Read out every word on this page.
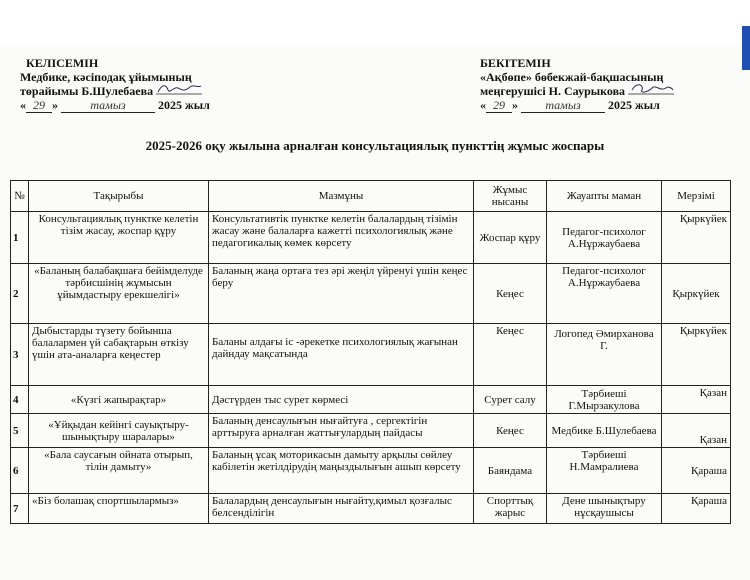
КЕЛІСЕМІН
Медбике, кәсіподақ ұйымының
төрайымы Б.Шулебаева
« 29 » тамыз	2025 жыл
БЕКІТЕМІН
«Ақбөпе» бөбекжай-бақшасының
меңгерушісі Н. Саурыкова
« 29 » тамыз 2025 жыл
2025-2026 оқу жылына арналған консультациялық пункттің жұмыс жоспары
№	Тақырыбы	Мазмұны	Жұмыс нысаны	Жауапты маман	Мерзімі
1	Консультациялық пунктке келетін тізім жасау, жоспар құру	Консультативтік пунктке келетін балалардың тізімін жасау және балаларға кажетті психологиялық және педагогикалық көмек көрсету	Жоспар құру	Педагог-психолог А.Нұржаубаева	Қыркүйек
2	«Баланың балабақшаға бейімделуде тәрбисшінің жұмысын ұйымдастыру ерекшелігі»	Баланың жаңа ортаға тез әрі жеңіл үйренуі үшін кеңес беру	Кеңес	Педагог-психолог А.Нұржаубаева	Қыркүйек
3	Дыбыстарды түзету бойынша балалармен үй сабақтарын өткізу үшін ата-аналарға кеңестер	Баланы алдағы іс -әрекетке психологиялық жағынан дайндау мақсатында	Кеңес	Логопед Әмирханова Г.	Қыркүйек
4	«Күзгі жапырақтар»	Дәстүрден тыс сурет көрмесі	Сурет салу	Тәрбиеші Г.Мырзакулова	Қазан
5	«Ұйқыдан кейінгі сауықтыру-шынықтыру шаралары»	Баланың денсаулығын нығайтуға , сергектігін арттыруға арналған жаттығулардың пайдасы	Кеңес	Медбике Б.Шулебаева	Қазан
6	«Бала саусағын ойната отырып, тілін дамыту»	Баланың ұсақ моторикасын дамыту арқылы сөйлеу кабілетін жетілдірудің маңыздылығын ашып көрсету	Баяндама	Тәрбиеші Н.Мамралиева	Қараша
7	«Біз болашақ спортшылармыз»	Балалардың денсаулығын нығайту,қимыл қозғалыс белсенділігін	Спорттық жарыс	Дене шынықтыру нұсқаушысы	Қараша
